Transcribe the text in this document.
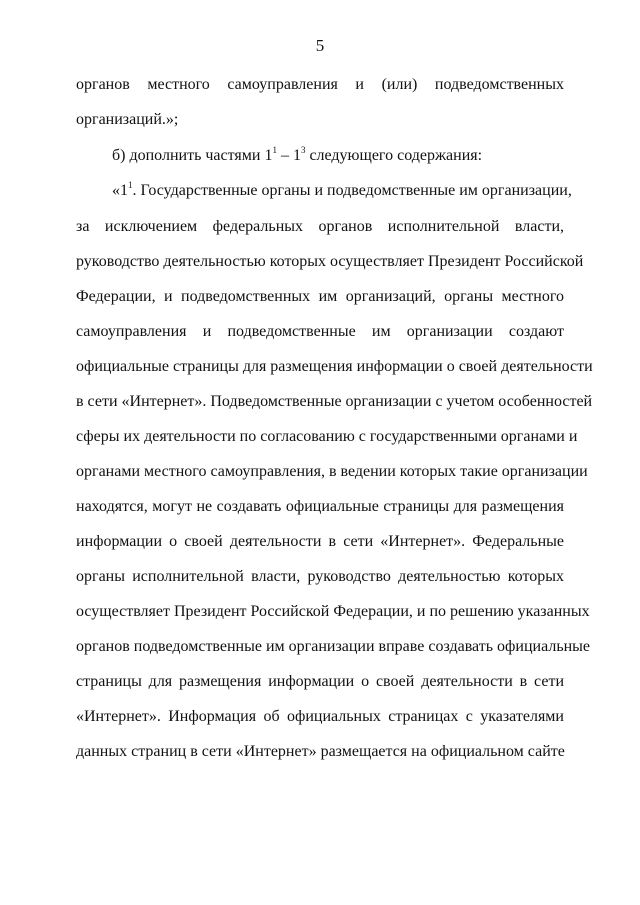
5
органов местного самоуправления и (или) подведомственных
организаций.»;
б) дополнить частями $1^1 - 1^3$ следующего содержания:
«$1^1$. Государственные органы и подведомственные им организации,
за исключением федеральных органов исполнительной власти,
руководство деятельностью которых осуществляет Президент Российской
Федерации, и подведомственных им организаций, органы местного
самоуправления и подведомственные им организации создают
официальные страницы для размещения информации о своей деятельности
в сети «Интернет». Подведомственные организации с учетом особенностей
сферы их деятельности по согласованию с государственными органами и
органами местного самоуправления, в ведении которых такие организации
находятся, могут не создавать официальные страницы для размещения
информации о своей деятельности в сети «Интернет». Федеральные
органы исполнительной власти, руководство деятельностью которых
осуществляет Президент Российской Федерации, и по решению указанных
органов подведомственные им организации вправе создавать официальные
страницы для размещения информации о своей деятельности в сети
«Интернет». Информация об официальных страницах с указателями
данных страниц в сети «Интернет» размещается на официальном сайте
